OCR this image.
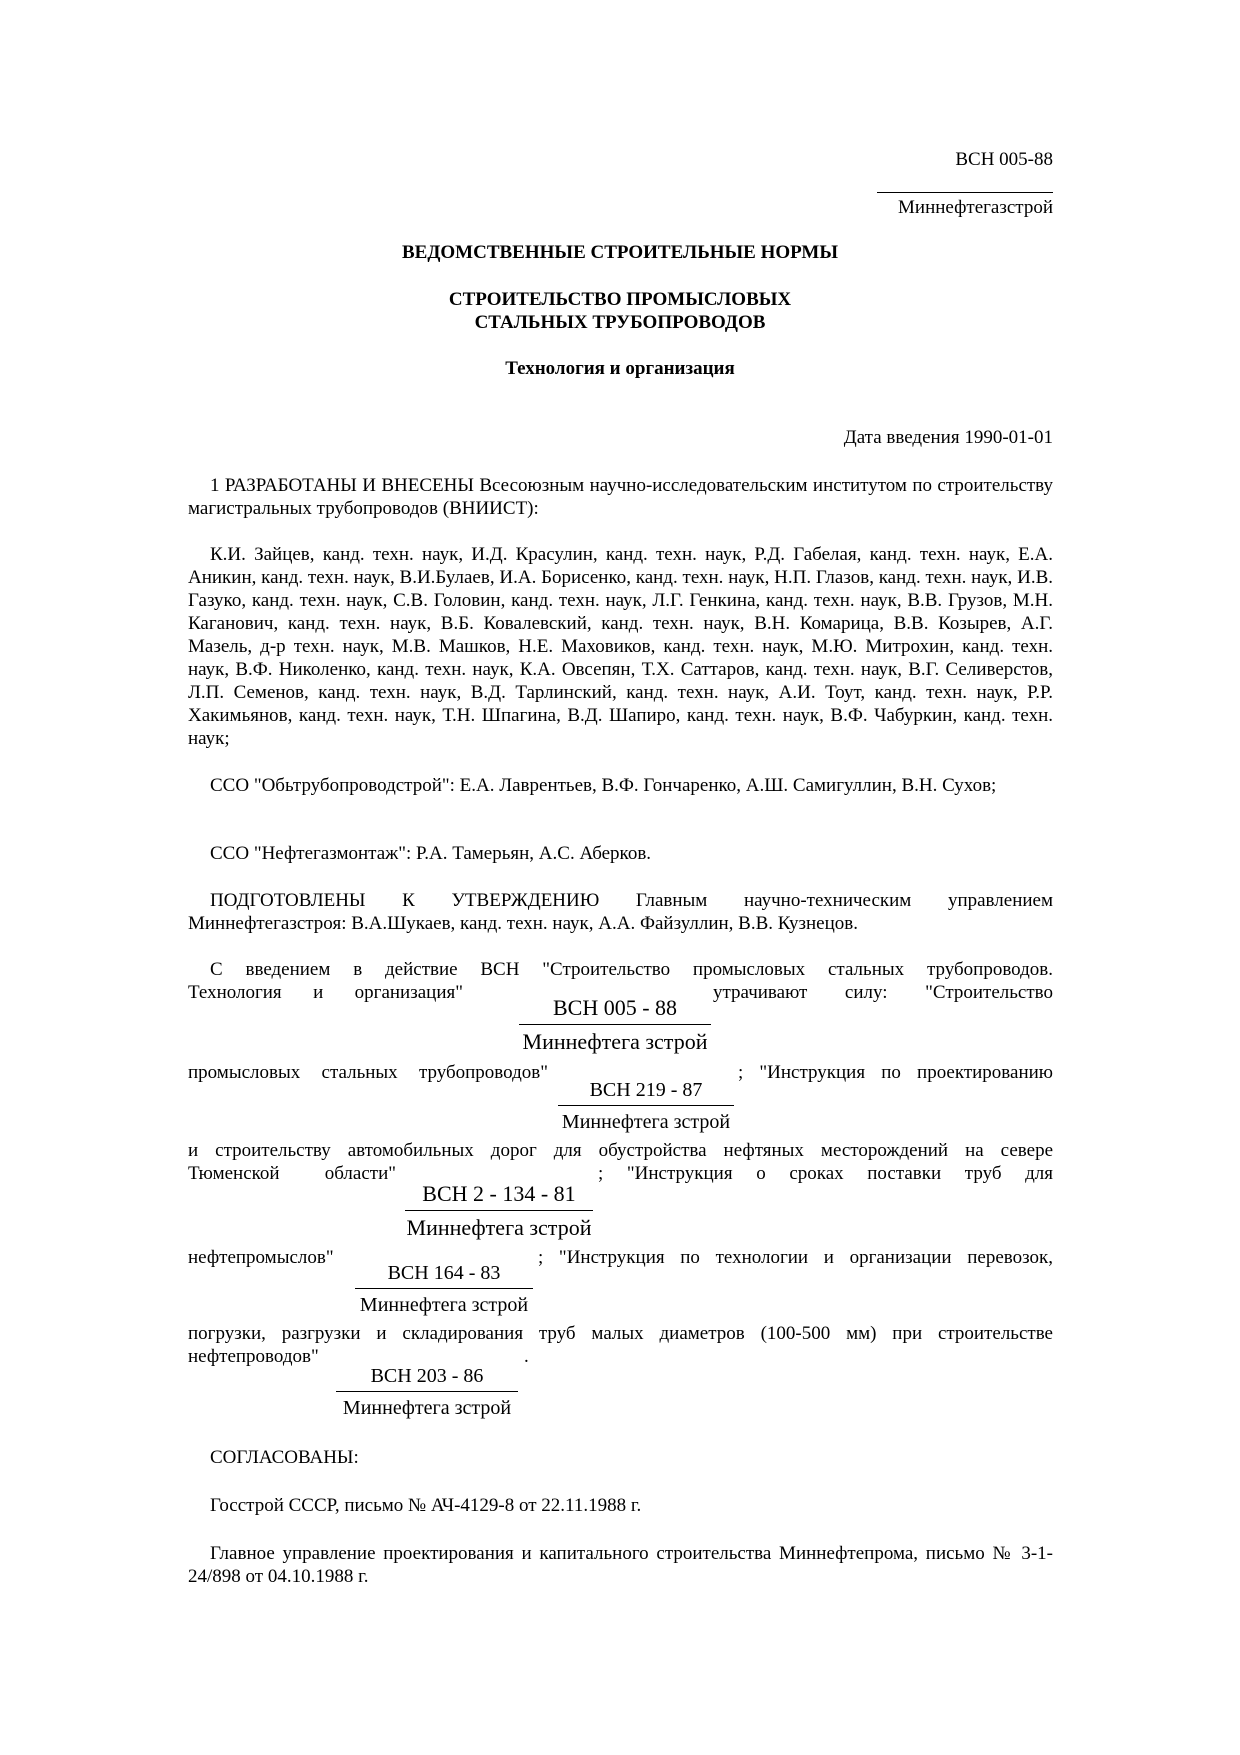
ВСН 005-88
Миннефтегазстрой
ВЕДОМСТВЕННЫЕ СТРОИТЕЛЬНЫЕ НОРМЫ
СТРОИТЕЛЬСТВО ПРОМЫСЛОВЫХ
СТАЛЬНЫХ ТРУБОПРОВОДОВ
Технология и организация
Дата введения 1990-01-01
1 РАЗРАБОТАНЫ И ВНЕСЕНЫ Всесоюзным научно-исследовательским институтом по строительству магистральных трубопроводов (ВНИИСТ):
К.И. Зайцев, канд. техн. наук, И.Д. Красулин, канд. техн. наук, Р.Д. Габелая, канд. техн. наук, Е.А. Аникин, канд. техн. наук, В.И.Булаев, И.А. Борисенко, канд. техн. наук, Н.П. Глазов, канд. техн. наук, И.В. Газуко, канд. техн. наук, С.В. Головин, канд. техн. наук, Л.Г. Генкина, канд. техн. наук, В.В. Грузов, М.Н. Каганович, канд. техн. наук, В.Б. Ковалевский, канд. техн. наук, В.Н. Комарица, В.В. Козырев, А.Г. Мазель, д-р техн. наук, М.В. Машков, Н.Е. Маховиков, канд. техн. наук, М.Ю. Митрохин, канд. техн. наук, В.Ф. Николенко, канд. техн. наук, К.А. Овсепян, Т.Х. Саттаров, канд. техн. наук, В.Г. Селиверстов, Л.П. Семенов, канд. техн. наук, В.Д. Тарлинский, канд. техн. наук, А.И. Тоут, канд. техн. наук, Р.Р. Хакимьянов, канд. техн. наук, Т.Н. Шпагина, В.Д. Шапиро, канд. техн. наук, В.Ф. Чабуркин, канд. техн. наук;
ССО "Обьтрубопроводстрой": Е.А. Лаврентьев, В.Ф. Гончаренко, А.Ш. Самигуллин, В.Н. Сухов;
ССО "Нефтегазмонтаж": Р.А. Тамерьян, А.С. Аберков.
ПОДГОТОВЛЕНЫ К УТВЕРЖДЕНИЮ Главным научно-техническим управлением Миннефтегазстроя: В.А.Шукаев, канд. техн. наук, А.А. Файзуллин, В.В. Кузнецов.
С введением в действие ВСН "Строительство промысловых стальных трубопроводов.
Технология и организация"	утрачивают силу: "Строительство
ВСН 005 - 88
Миннефтега зстрой
промысловых стальных трубопроводов"	; "Инструкция по проектированию
ВСН 219 - 87
Миннефтега зстрой
и строительству автомобильных дорог для обустройства нефтяных месторождений на севере
Тюменской области"	; "Инструкция о сроках поставки труб для
ВСН 2 - 134 - 81
Миннефтега зстрой
нефтепромыслов"	; "Инструкция по технологии и организации перевозок,
ВСН 164 - 83
Миннефтега зстрой
погрузки, разгрузки и складирования труб малых диаметров (100-500 мм) при строительстве
нефтепроводов"	.
ВСН 203 - 86
Миннефтега зстрой
СОГЛАСОВАНЫ:
Госстрой СССР, письмо № АЧ-4129-8 от 22.11.1988 г.
Главное управление проектирования и капитального строительства Миннефтепрома, письмо № 3-1-24/898 от 04.10.1988 г.
